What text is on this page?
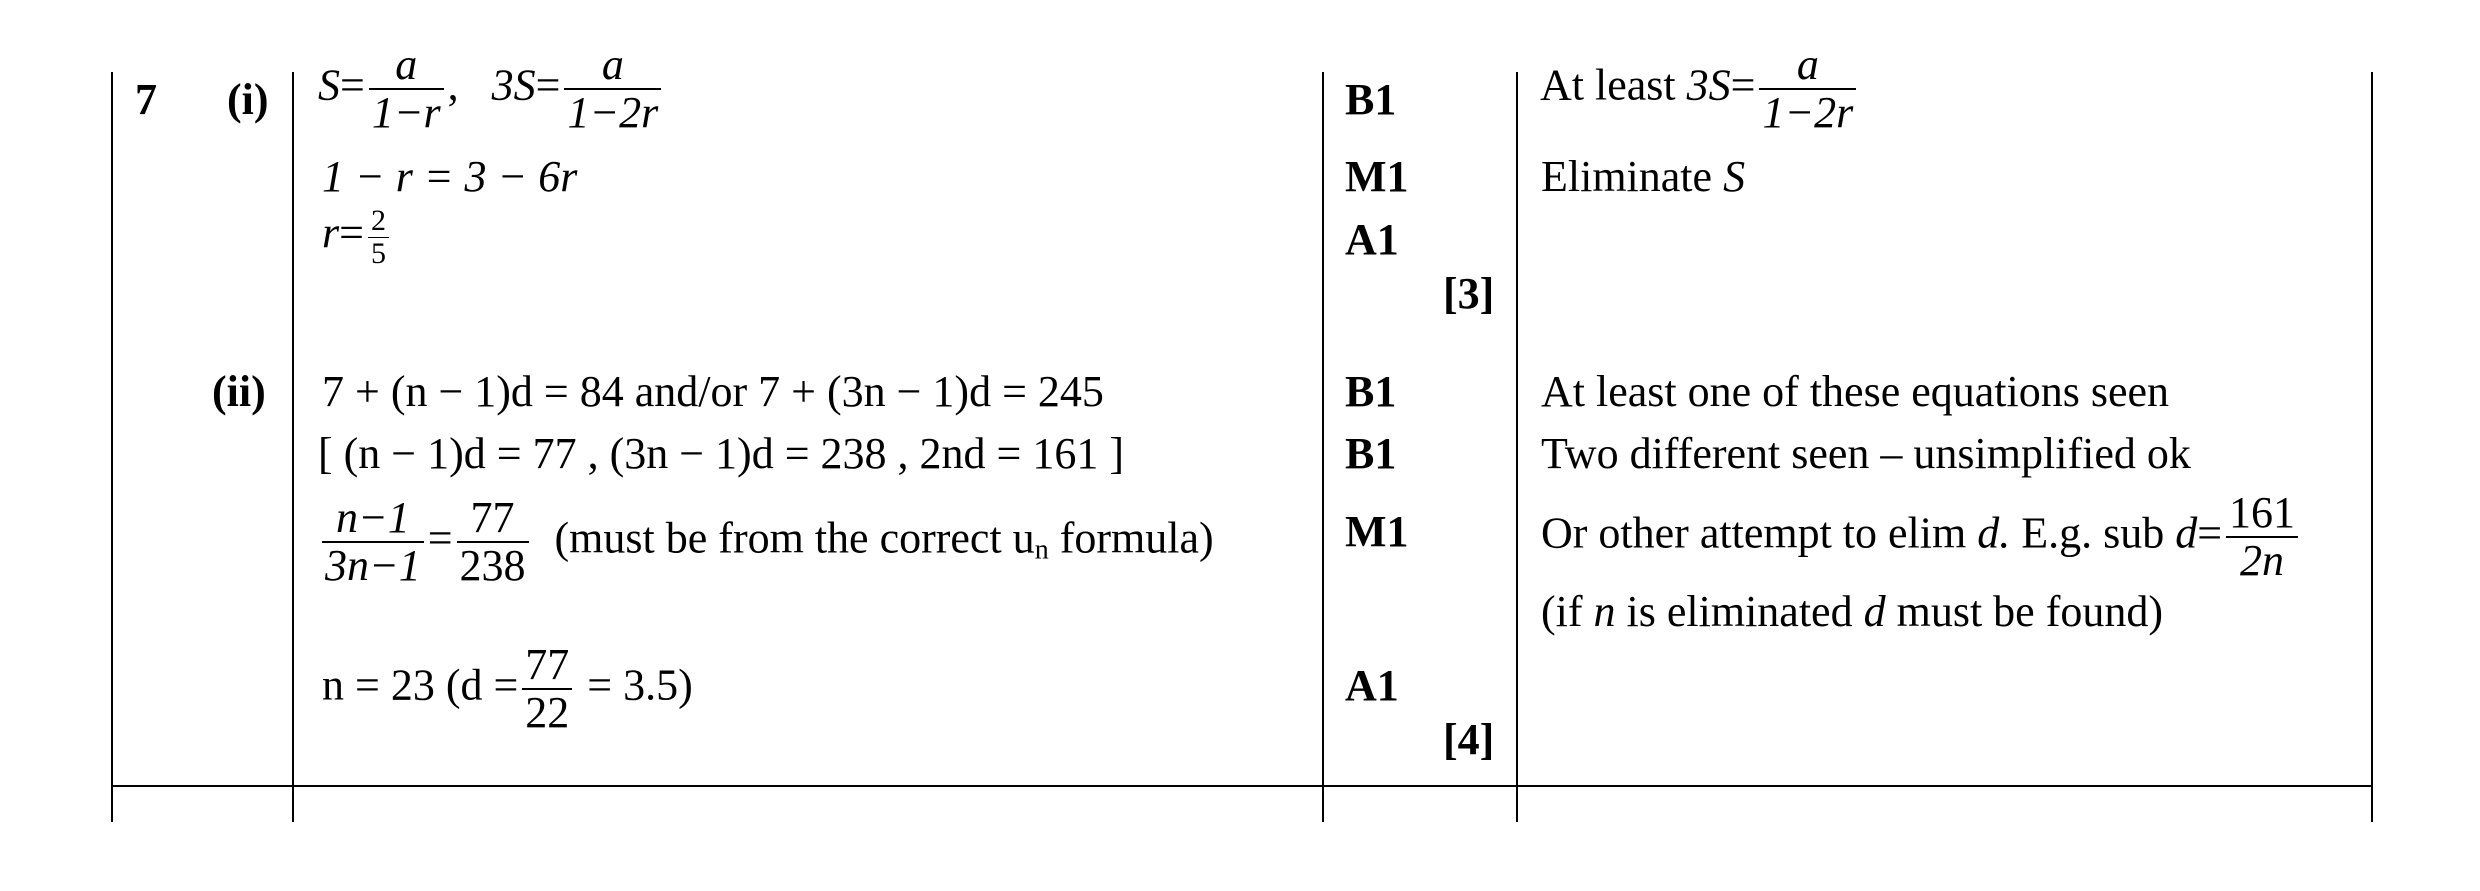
7 (i)
(ii)
$S= \frac{a}{1-r}$ , $3S= \frac{a}{1-2r}$
1 − r = 3 − 6r
$r= \frac{2}{5}$
B1
M1
A1
[3]
At least $3S= \frac{a}{1-2r}$
Eliminate S
7 + (n − 1)d = 84 and/or 7 + (3n − 1)d = 245
[ (n − 1)d = 77 , (3n − 1)d = 238 , 2nd = 161 ]
$\frac{n-1}{3n-1} = \frac{77}{238}$ (must be from the correct $u_n$ formula)
n = 23 $(d = \frac{77}{22} = 3.5)$
B1
B1
M1
A1
[4]
At least one of these equations seen
Two different seen – unsimplified ok
Or other attempt to elim d. E.g. sub $d= \frac{161}{2n}$
(if n is eliminated d must be found)
